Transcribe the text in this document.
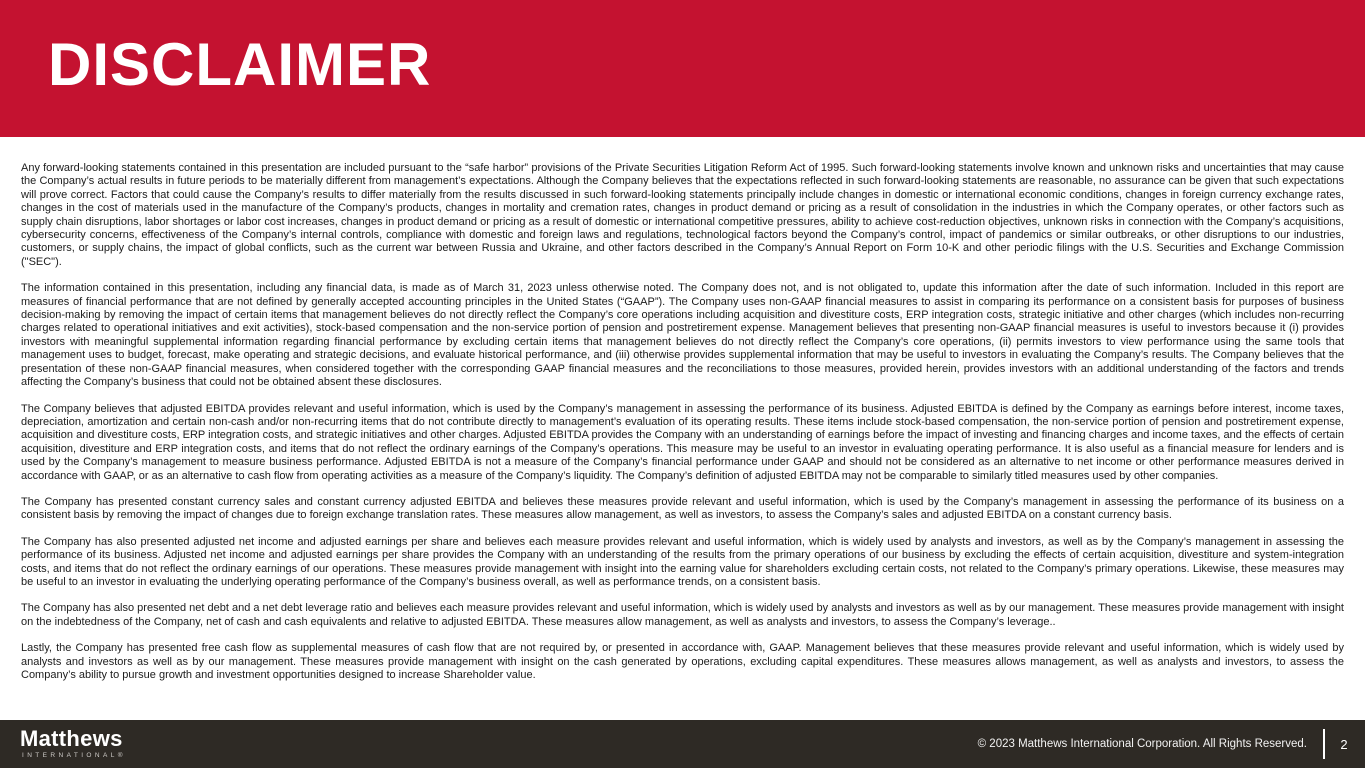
DISCLAIMER

Any forward-looking statements contained in this presentation are included pursuant to the “safe harbor” provisions of the Private Securities Litigation Reform Act of 1995. Such forward-looking statements involve known and unknown risks and uncertainties that may cause the Company’s actual results in future periods to be materially different from management’s expectations. Although the Company believes that the expectations reflected in such forward-looking statements are reasonable, no assurance can be given that such expectations will prove correct. Factors that could cause the Company’s results to differ materially from the results discussed in such forward-looking statements principally include changes in domestic or international economic conditions, changes in foreign currency exchange rates, changes in the cost of materials used in the manufacture of the Company’s products, changes in mortality and cremation rates, changes in product demand or pricing as a result of consolidation in the industries in which the Company operates, or other factors such as supply chain disruptions, labor shortages or labor cost increases, changes in product demand or pricing as a result of domestic or international competitive pressures, ability to achieve cost-reduction objectives, unknown risks in connection with the Company’s acquisitions, cybersecurity concerns, effectiveness of the Company’s internal controls, compliance with domestic and foreign laws and regulations, technological factors beyond the Company’s control, impact of pandemics or similar outbreaks, or other disruptions to our industries, customers, or supply chains, the impact of global conflicts, such as the current war between Russia and Ukraine, and other factors described in the Company’s Annual Report on Form 10-K and other periodic filings with the U.S. Securities and Exchange Commission ("SEC").

The information contained in this presentation, including any financial data, is made as of March 31, 2023 unless otherwise noted. The Company does not, and is not obligated to, update this information after the date of such information. Included in this report are measures of financial performance that are not defined by generally accepted accounting principles in the United States (“GAAP”). The Company uses non-GAAP financial measures to assist in comparing its performance on a consistent basis for purposes of business decision-making by removing the impact of certain items that management believes do not directly reflect the Company’s core operations including acquisition and divestiture costs, ERP integration costs, strategic initiative and other charges (which includes non-recurring charges related to operational initiatives and exit activities), stock-based compensation and the non-service portion of pension and postretirement expense. Management believes that presenting non-GAAP financial measures is useful to investors because it (i) provides investors with meaningful supplemental information regarding financial performance by excluding certain items that management believes do not directly reflect the Company’s core operations, (ii) permits investors to view performance using the same tools that management uses to budget, forecast, make operating and strategic decisions, and evaluate historical performance, and (iii) otherwise provides supplemental information that may be useful to investors in evaluating the Company’s results. The Company believes that the presentation of these non-GAAP financial measures, when considered together with the corresponding GAAP financial measures and the reconciliations to those measures, provided herein, provides investors with an additional understanding of the factors and trends affecting the Company’s business that could not be obtained absent these disclosures.

The Company believes that adjusted EBITDA provides relevant and useful information, which is used by the Company’s management in assessing the performance of its business. Adjusted EBITDA is defined by the Company as earnings before interest, income taxes, depreciation, amortization and certain non-cash and/or non-recurring items that do not contribute directly to management’s evaluation of its operating results. These items include stock-based compensation, the non-service portion of pension and postretirement expense, acquisition and divestiture costs, ERP integration costs, and strategic initiatives and other charges. Adjusted EBITDA provides the Company with an understanding of earnings before the impact of investing and financing charges and income taxes, and the effects of certain acquisition, divestiture and ERP integration costs, and items that do not reflect the ordinary earnings of the Company’s operations. This measure may be useful to an investor in evaluating operating performance. It is also useful as a financial measure for lenders and is used by the Company’s management to measure business performance. Adjusted EBITDA is not a measure of the Company’s financial performance under GAAP and should not be considered as an alternative to net income or other performance measures derived in accordance with GAAP, or as an alternative to cash flow from operating activities as a measure of the Company’s liquidity. The Company’s definition of adjusted EBITDA may not be comparable to similarly titled measures used by other companies.

The Company has presented constant currency sales and constant currency adjusted EBITDA and believes these measures provide relevant and useful information, which is used by the Company’s management in assessing the performance of its business on a consistent basis by removing the impact of changes due to foreign exchange translation rates. These measures allow management, as well as investors, to assess the Company’s sales and adjusted EBITDA on a constant currency basis.

The Company has also presented adjusted net income and adjusted earnings per share and believes each measure provides relevant and useful information, which is widely used by analysts and investors, as well as by the Company’s management in assessing the performance of its business. Adjusted net income and adjusted earnings per share provides the Company with an understanding of the results from the primary operations of our business by excluding the effects of certain acquisition, divestiture and system-integration costs, and items that do not reflect the ordinary earnings of our operations. These measures provide management with insight into the earning value for shareholders excluding certain costs, not related to the Company’s primary operations. Likewise, these measures may be useful to an investor in evaluating the underlying operating performance of the Company’s business overall, as well as performance trends, on a consistent basis.

The Company has also presented net debt and a net debt leverage ratio and believes each measure provides relevant and useful information, which is widely used by analysts and investors as well as by our management. These measures provide management with insight on the indebtedness of the Company, net of cash and cash equivalents and relative to adjusted EBITDA. These measures allow management, as well as analysts and investors, to assess the Company’s leverage..

Lastly, the Company has presented free cash flow as supplemental measures of cash flow that are not required by, or presented in accordance with, GAAP. Management believes that these measures provide relevant and useful information, which is widely used by analysts and investors as well as by our management. These measures provide management with insight on the cash generated by operations, excluding capital expenditures. These measures allows management, as well as analysts and investors, to assess the Company’s ability to pursue growth and investment opportunities designed to increase Shareholder value.

Matthews
INTERNATIONAL®
© 2023 Matthews International Corporation. All Rights Reserved.	2
